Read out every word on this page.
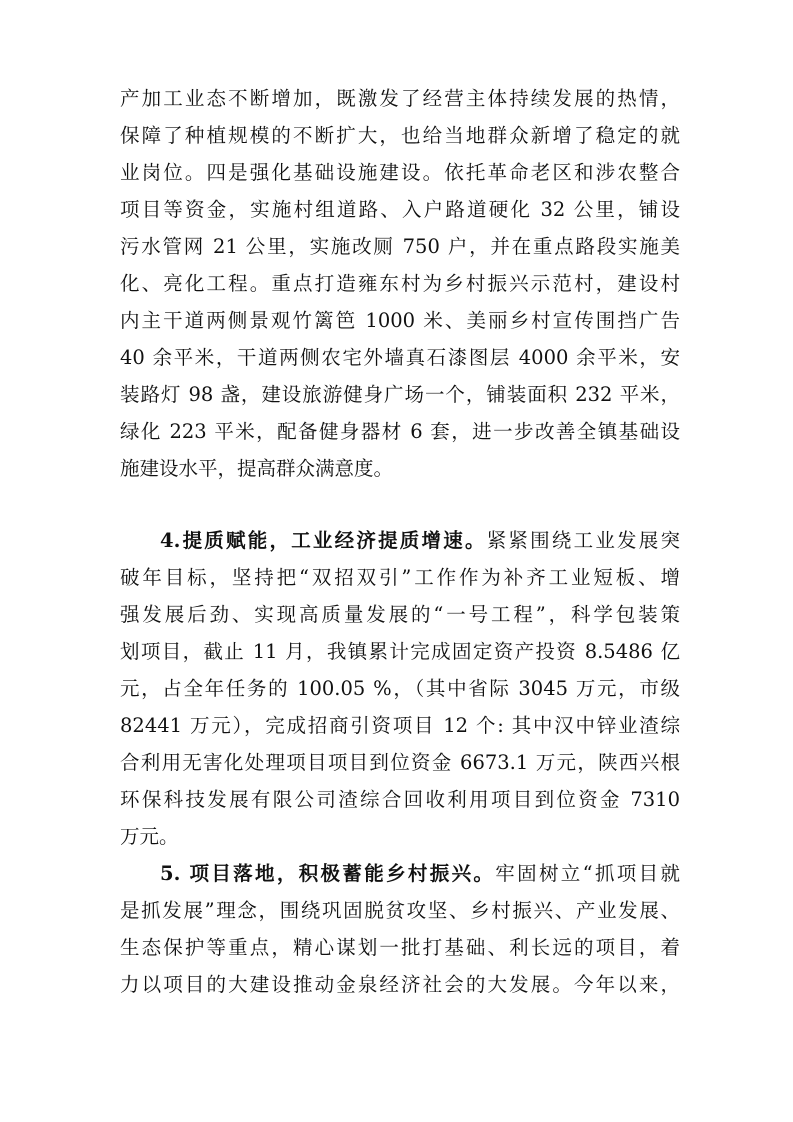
产加工业态不断增加，既激发了经营主体持续发展的热情，
保障了种植规模的不断扩大，也给当地群众新增了稳定的就
业岗位。四是强化基础设施建设。依托革命老区和涉农整合
项目等资金，实施村组道路、入户路道硬化 32 公里，铺设
污水管网 21 公里，实施改厕 750 户，并在重点路段实施美
化、亮化工程。重点打造雍东村为乡村振兴示范村，建设村
内主干道两侧景观竹篱笆 1000 米、美丽乡村宣传围挡广告
40 余平米，干道两侧农宅外墙真石漆图层 4000 余平米，安
装路灯 98 盏，建设旅游健身广场一个，铺装面积 232 平米，
绿化 223 平米，配备健身器材 6 套，进一步改善全镇基础设
施建设水平，提高群众满意度。
4.提质赋能，工业经济提质增速。紧紧围绕工业发展突
破年目标，坚持把“双招双引”工作作为补齐工业短板、增
强发展后劲、实现高质量发展的“一号工程”，科学包装策
划项目，截止 11 月，我镇累计完成固定资产投资 8.5486 亿
元，占全年任务的 100.05 %，（其中省际 3045 万元，市级
82441 万元），完成招商引资项目 12 个: 其中汉中锌业渣综
合利用无害化处理项目项目到位资金 6673.1 万元，陕西兴根
环保科技发展有限公司渣综合回收利用项目到位资金 7310
万元。
5. 项目落地，积极蓄能乡村振兴。牢固树立“抓项目就
是抓发展”理念，围绕巩固脱贫攻坚、乡村振兴、产业发展、
生态保护等重点，精心谋划一批打基础、利长远的项目，着
力以项目的大建设推动金泉经济社会的大发展。今年以来，
